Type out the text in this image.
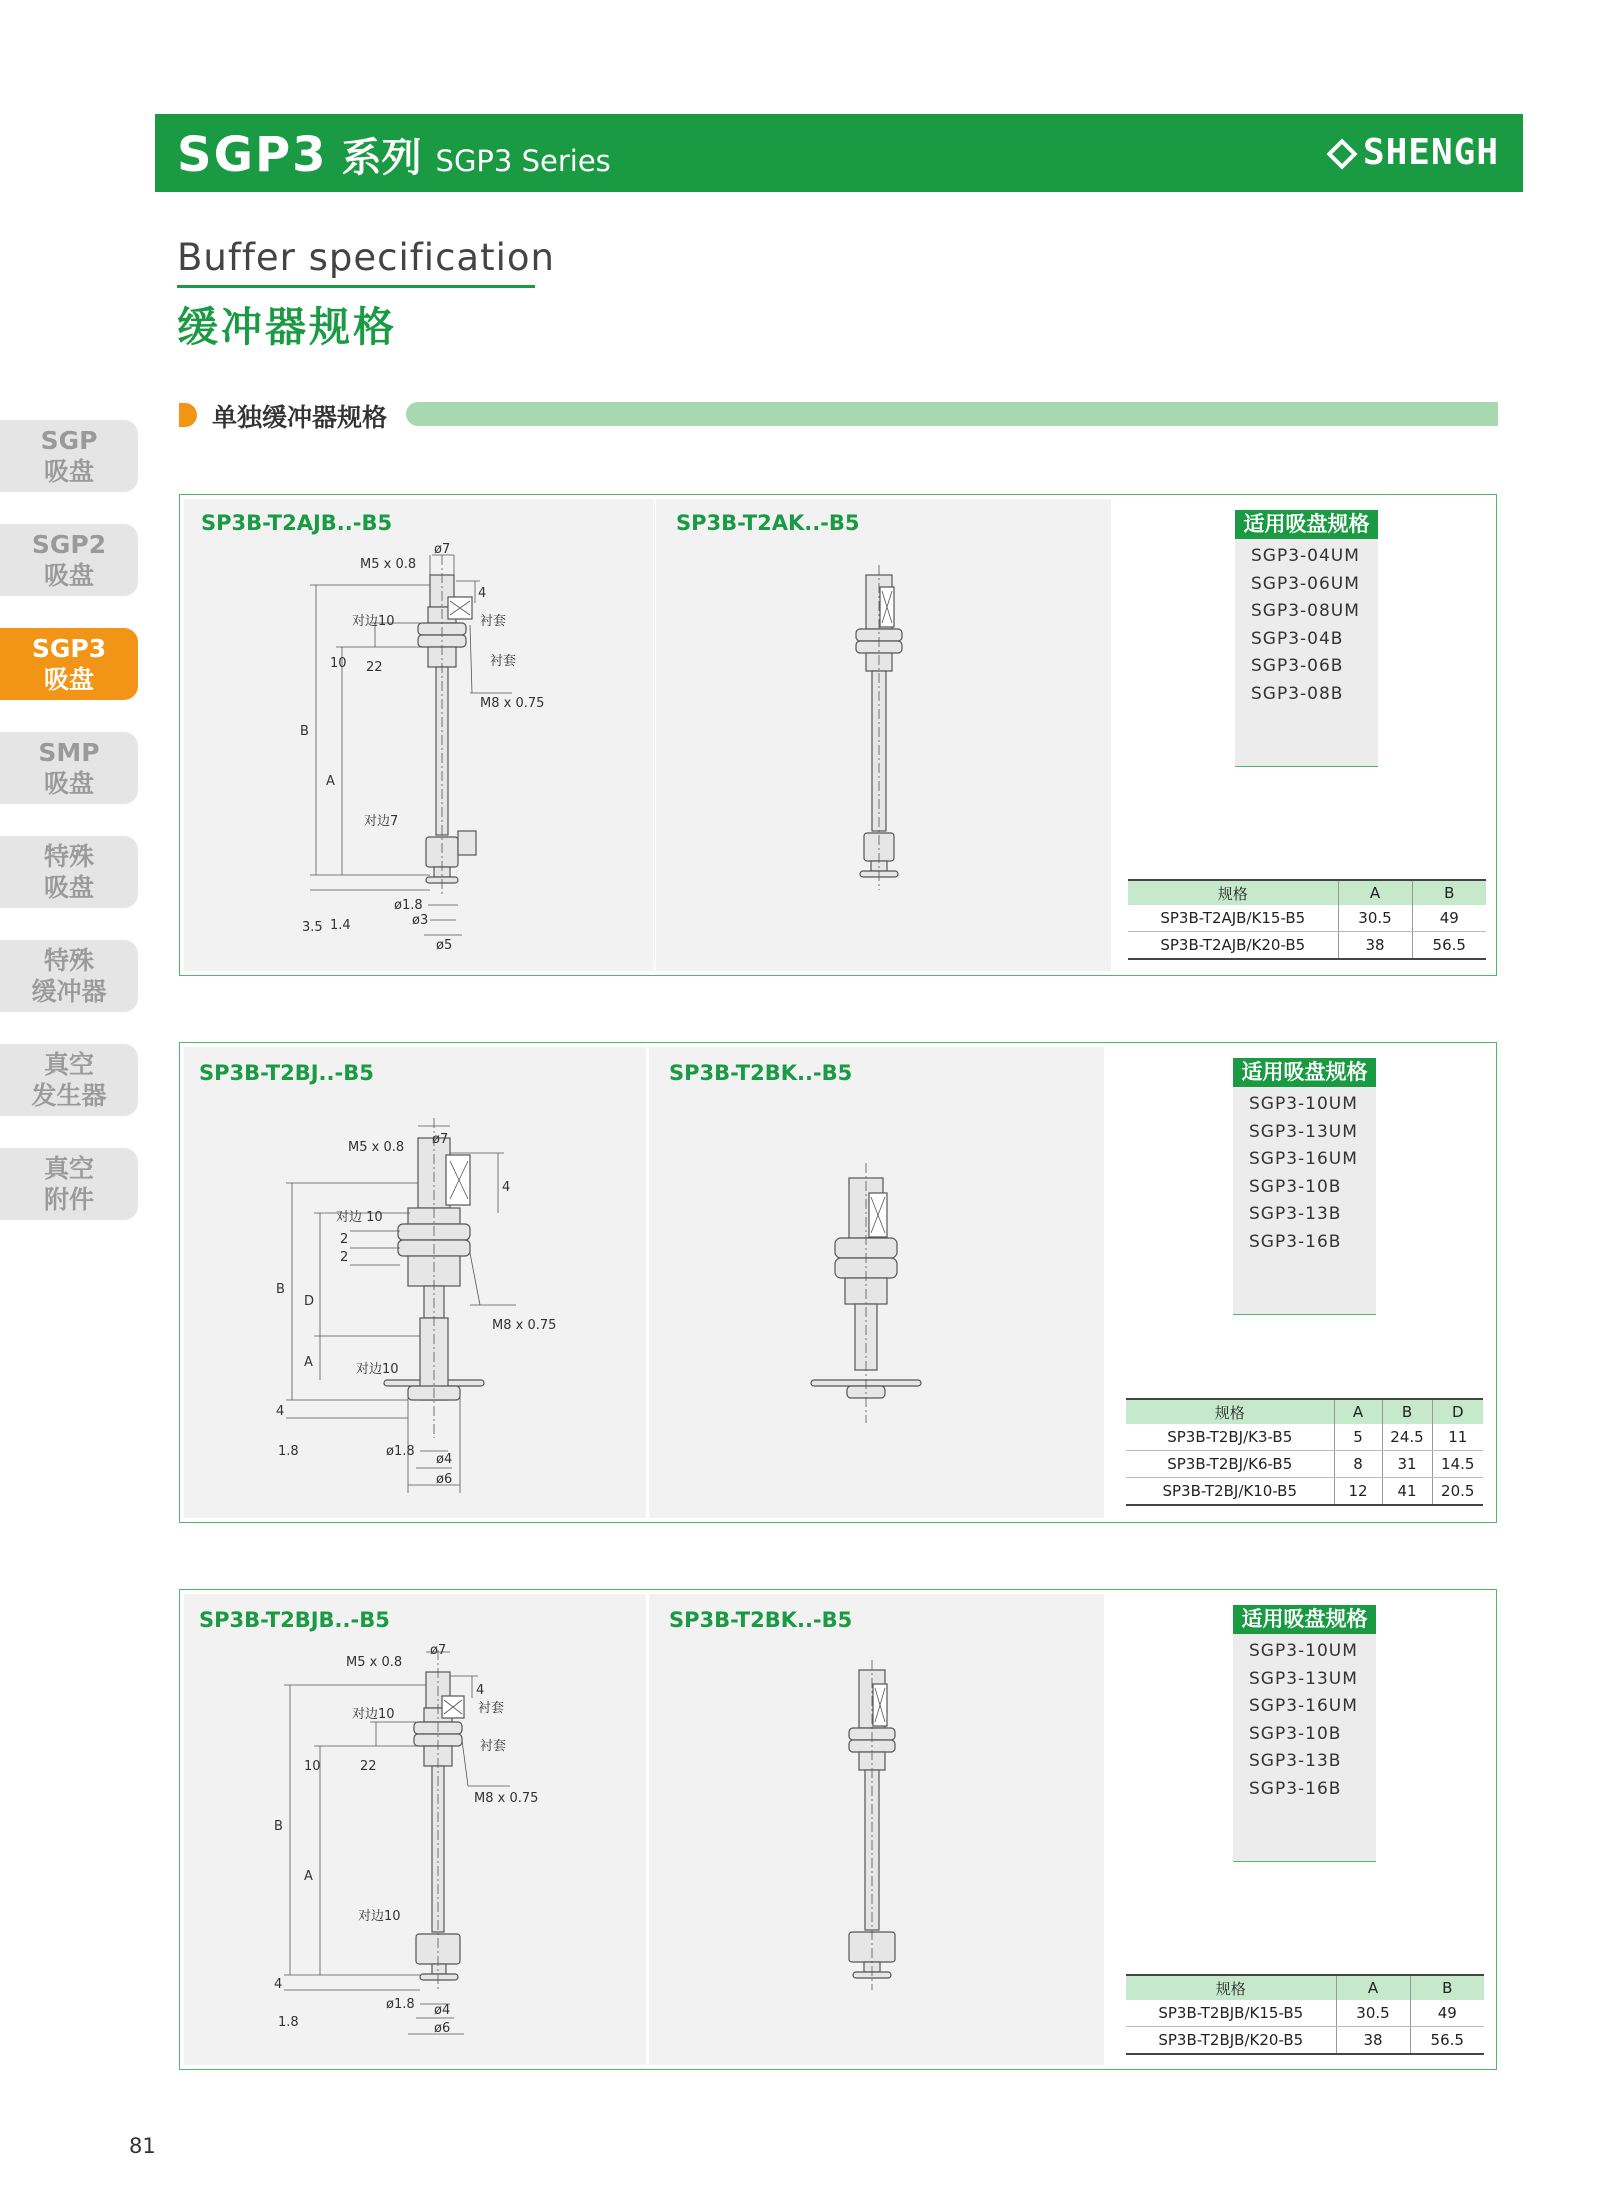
SGP3 系列 SGP3 Series	SHENGH
Buffer specification
缓冲器规格
单独缓冲器规格
SGP
吸盘
SGP2
吸盘
SGP3
吸盘
SMP
吸盘
特殊
吸盘
特殊
缓冲器
真空
发生器
真空
附件
SP3B-T2AJB..-B5	SP3B-T2AK..-B5
M5 x 0.8
ø7
4
对边10	衬套
衬套
10 22
M8 x 0.75
B
A
对边7
3.5 1.4
ø1.8
ø3
ø5
适用吸盘规格
SGP3-04UM
SGP3-06UM
SGP3-08UM
SGP3-04B
SGP3-06B
SGP3-08B
规格	A	B
SP3B-T2AJB/K15-B5	30.5	49
SP3B-T2AJB/K20-B5	38	56.5
SP3B-T2BJ..-B5	SP3B-T2BK..-B5
M5 x 0.8
ø7
4
对边 10
2
2
B
D
M8 x 0.75
A	对边10
4
1.8	ø1.8
ø4
ø6
适用吸盘规格
SGP3-10UM
SGP3-13UM
SGP3-16UM
SGP3-10B
SGP3-13B
SGP3-16B
规格	A	B	D
SP3B-T2BJ/K3-B5	5	24.5	11
SP3B-T2BJ/K6-B5	8	31	14.5
SP3B-T2BJ/K10-B5	12	41	20.5
SP3B-T2BJB..-B5	SP3B-T2BK..-B5
M5 x 0.8
ø7
4
对边10	衬套
衬套
10	22
M8 x 0.75
B
A
对边10
4
1.8
ø1.8 ø4
ø6
适用吸盘规格
SGP3-10UM
SGP3-13UM
SGP3-16UM
SGP3-10B
SGP3-13B
SGP3-16B
规格	A	B
SP3B-T2BJB/K15-B5	30.5	49
SP3B-T2BJB/K20-B5	38	56.5
81
